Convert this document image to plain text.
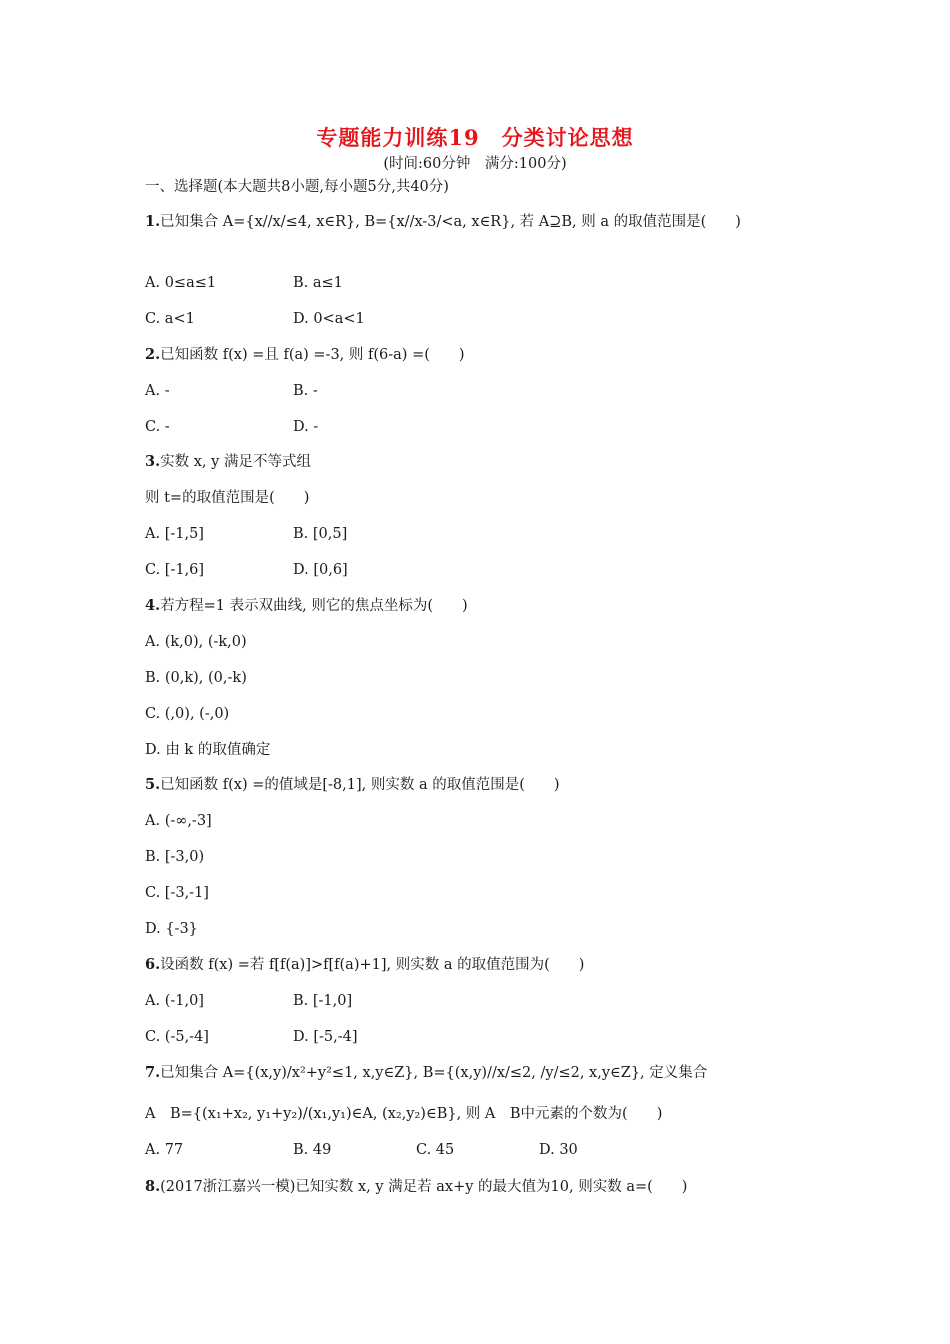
专题能力训练19　分类讨论思想
(时间:60分钟　满分:100分)
一、选择题(本大题共8小题,每小题5分,共40分)
1.已知集合 A={x//x/≤4, x∈R}, B={x//x-3/<a, x∈R}, 若 A⊇B, 则 a 的取值范围是(　　)
A. 0≤a≤1	B. a≤1
C. a<1	D. 0<a<1
2.已知函数 f(x) =且 f(a) =-3, 则 f(6-a) =(　　)
A. -	B. -
C. -	D. -
3.实数 x, y 满足不等式组
则 t=的取值范围是(　　)
A. [-1,5]	B. [0,5]
C. [-1,6]	D. [0,6]
4.若方程=1 表示双曲线, 则它的焦点坐标为(　　)
A. (k,0), (-k,0)
B. (0,k), (0,-k)
C. (,0), (-,0)
D. 由 k 的取值确定
5.已知函数 f(x) =的值域是[-8,1], 则实数 a 的取值范围是(　　)
A. (-∞,-3]
B. [-3,0)
C. [-3,-1]
D. {-3}
6.设函数 f(x) =若 f[f(a)]>f[f(a)+1], 则实数 a 的取值范围为(　　)
A. (-1,0]	B. [-1,0]
C. (-5,-4]	D. [-5,-4]
7.已知集合 A={(x,y)/x²+y²≤1, x,y∈Z}, B={(x,y)//x/≤2, /y/≤2, x,y∈Z}, 定义集合
A　B={(x₁+x₂, y₁+y₂)/(x₁,y₁)∈A, (x₂,y₂)∈B}, 则 A　B中元素的个数为(　　)
A. 77	B. 49	C. 45	D. 30
8.(2017浙江嘉兴一模)已知实数 x, y 满足若 ax+y 的最大值为10, 则实数 a=(　　)
